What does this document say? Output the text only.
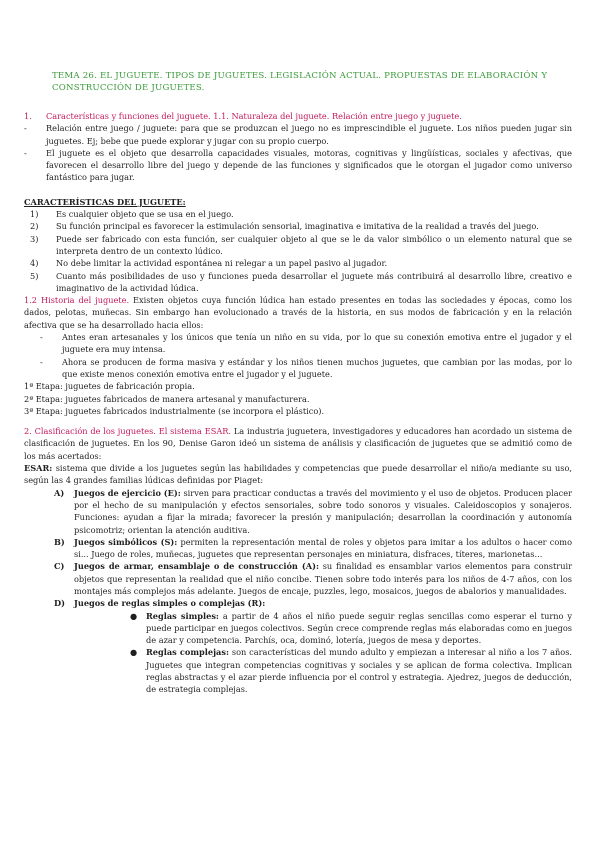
TEMA 26. EL JUGUETE. TIPOS DE JUGUETES. LEGISLACIÓN ACTUAL. PROPUESTAS DE ELABORACIÓN Y CONSTRUCCIÓN DE JUGUETES.
1.	Características y funciones del juguete. 1.1. Naturaleza del juguete. Relación entre juego y juguete.
-	Relación entre juego / juguete: para que se produzcan el juego no es imprescindible el juguete. Los niños pueden jugar sin juguetes. Ej; bebe que puede explorar y jugar con su propio cuerpo.
-	El juguete es el objeto que desarrolla capacidades visuales, motoras, cognitivas y lingüísticas, sociales y afectivas, que favorecen el desarrollo libre del juego y depende de las funciones y significados que le otorgan el jugador como universo fantástico para jugar.
CARACTERÍSTICAS DEL JUGUETE:
1)	Es cualquier objeto que se usa en el juego.
2)	Su función principal es favorecer la estimulación sensorial, imaginativa e imitativa de la realidad a través del juego.
3)	Puede ser fabricado con esta función, ser cualquier objeto al que se le da valor simbólico o un elemento natural que se interpreta dentro de un contexto lúdico.
4)	No debe limitar la actividad espontánea ni relegar a un papel pasivo al jugador.
5)	Cuanto más posibilidades de uso y funciones pueda desarrollar el juguete más contribuirá al desarrollo libre, creativo e imaginativo de la actividad lúdica.
1.2 Historia del juguete. Existen objetos cuya función lúdica han estado presentes en todas las sociedades y épocas, como los dados, pelotas, muñecas. Sin embargo han evolucionado a través de la historia, en sus modos de fabricación y en la relación afectiva que se ha desarrollado hacia ellos:
-	Antes eran artesanales y los únicos que tenía un niño en su vida, por lo que su conexión emotiva entre el jugador y el juguete era muy intensa.
-	Ahora se producen de forma masiva y estándar y los niños tienen muchos juguetes, que cambian por las modas, por lo que existe menos conexión emotiva entre el jugador y el juguete.
1ª Etapa: juguetes de fabricación propia.
2ª Etapa: juguetes fabricados de manera artesanal y manufacturera.
3ª Etapa: juguetes fabricados industrialmente (se incorpora el plástico).
2. Clasificación de los juguetes. El sistema ESAR. La industria juguetera, investigadores y educadores han acordado un sistema de clasificación de juguetes. En los 90, Denise Garon ideó un sistema de análisis y clasificación de juguetes que se admitió como de los más acertados:
ESAR: sistema que divide a los juguetes según las habilidades y competencias que puede desarrollar el niño/a mediante su uso, según las 4 grandes familias lúdicas definidas por Piaget:
A)	Juegos de ejercicio (E): sirven para practicar conductas a través del movimiento y el uso de objetos. Producen placer por el hecho de su manipulación y efectos sensoriales, sobre todo sonoros y visuales. Caleidoscopios y sonajeros. Funciones: ayudan a fijar la mirada; favorecer la presión y manipulación; desarrollan la coordinación y autonomía psicomotriz; orientan la atención auditiva.
B)	Juegos simbólicos (S): permiten la representación mental de roles y objetos para imitar a los adultos o hacer como si... Juego de roles, muñecas, juguetes que representan personajes en miniatura, disfraces, títeres, marionetas...
C)	Juegos de armar, ensamblaje o de construcción (A): su finalidad es ensamblar varios elementos para construir objetos que representan la realidad que el niño concibe. Tienen sobre todo interés para los niños de 4-7 años, con los montajes más complejos más adelante. Juegos de encaje, puzzles, lego, mosaicos, juegos de abalorios y manualidades.
D)	Juegos de reglas simples o complejas (R):
●	Reglas simples: a partir de 4 años el niño puede seguir reglas sencillas como esperar el turno y puede participar en juegos colectivos. Según crece comprende reglas más elaboradas como en juegos de azar y competencia. Parchís, oca, dominó, lotería, juegos de mesa y deportes.
●	Reglas complejas: son características del mundo adulto y empiezan a interesar al niño a los 7 años. Juguetes que integran competencias cognitivas y sociales y se aplican de forma colectiva. Implican reglas abstractas y el azar pierde influencia por el control y estrategia. Ajedrez, juegos de deducción, de estrategia complejas.
